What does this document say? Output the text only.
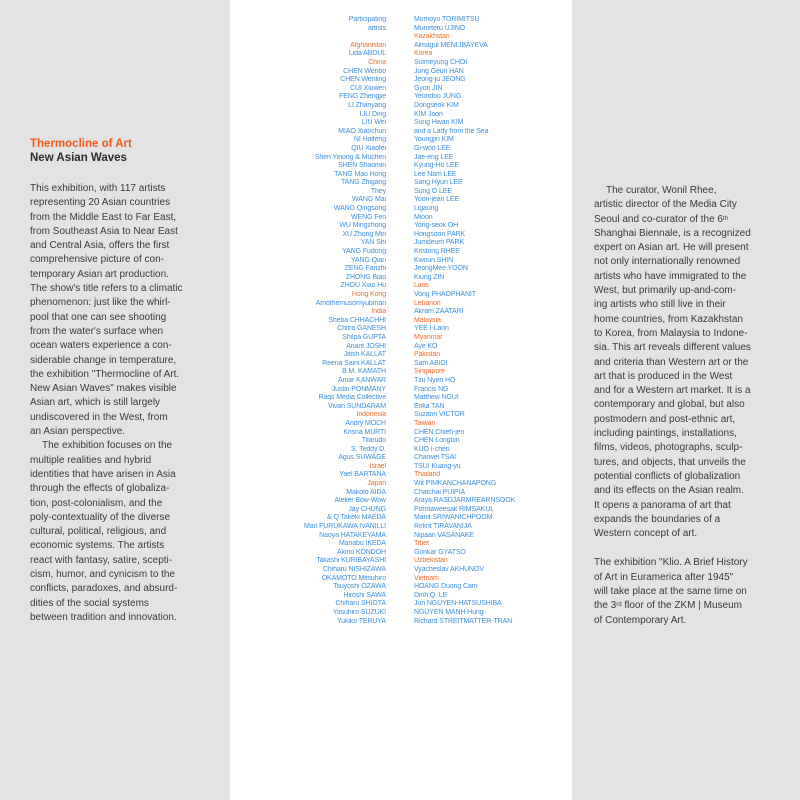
Participating
artists
Afghanistan
Lida ABDUL
China
CHEN Wenbo
CHEN Wenling
CUI Xiuwen
FENG Zhengjie
LI Zhanyang
LIU Ding
LIU Wei
MIAO Xiaochun
NI Haifeng
QIU Xiaofei
Shen Yinong & Muchen
SHEN Shaomin
TANG Mao Hong
TANG Zhigang
They
WANG Mai
WANG Qingsong
WENG Fen
WU Mingzhong
XU Zhong Min
YAN Shi
YANG Fudong
YANG Qian
ZENG Fanzhi
ZHONG Biao
ZHOU Xiao Hu
Hong Kong
Amothemusomyubman
India
Sheba CHHACHHI
Chitra GANESH
Shilpa GUPTA
Anant JOSHI
Jitish KALLAT
Reena Saini KALLAT
B.M. KAMATH
Amar KANWAR
Justin PONMANY
Raqs Media Collective
Vivan SUNDARAM
Indonesia
Andry MOCH
Krisna MURTI
Tilarudo
S. Teddy D.
Agus SUWAGE
Israel
Yael BARTANA
Japan
Makoto AIDA
Atelier Bow-Wow
Jay CHUNG
& Q Takeki MAEDA
Mari FURUKAWA IVANILLI
Naoya HATAKEYAMA
Manabu IKEDA
Akino KONDOH
Takashi KURIBAYASHI
Chiharu NISHIZAWA
OKAMOTO Mitsuhiro
Tsuyoshi OZAWA
Hiroshi SAWA
Chiharu SHIOTA
Yasuhiro SUZUKI
Yukiko TERUYA
Momoyo TORIMITSU
Muneteru UJINO
Kazakhstan
Almagul MENLIBAYEVA
Korea
Suimeyung CHOI
Jong Geun HAN
Jeong-ju JEONG
Gyon JIN
Yeondoo JUNG
Dongseok KIM
KIM Joon
Sung Hwan KIM
and a Lady from the Sea
Youngjin KIM
Gi-woo LEE
Jae-eng LEE
Kyung-Ho LEE
Lee Nam LEE
Sang Hyun LEE
Sung O LEE
Yoon-jean LEE
Ligaung
Mioon
Yong-seok OH
Hongsoon PARK
Jumdeum PARK
Kristong RHEE
Kwoun SHIN
JeongMee YOON
Kiung ZIN
Laos
Vong PHAOPHANIT
Lebanon
Akram ZAATARI
Malaysia
YEE I-Lann
Myanmar
Aye KO
Pakistan
Sam ABIDI
Singapore
Tzu Nyen HO
Francis NG
Matthew NGUI
Erika TAN
Suzann VICTOR
Taiwan
CHEN Chieh-jen
CHEN Longbin
KUO I-chen
Charwei TSAI
TSUI Kuang-yu
Thailand
Wit PIMKANCHANAPONG
Chatchai PUIPIA
Araya RASDJARMREARNSOOK
Porntaweesak RIMSAKUL
Manit SRIWANICHPOOM
Rirkrit TIRAVANIJA
Nipaan VASANAKE
Tibet
Gonkar GYATSO
Uzbekistan
Vyacheslav AKHUNOV
Vietnam
HOANG Duong Cam
Dinh Q. LÊ
Jun NGUYEN-HATSUSHIBA
NGUYEN MANH Hung
Richard STREITMATTER-TRAN
Thermocline of Art
New Asian Waves
This exhibition, with 117 artists
representing 20 Asian countries
from the Middle East to Far East,
from Southeast Asia to Near East
and Central Asia, offers the first
comprehensive picture of con-
temporary Asian art production.
The show's title refers to a climatic
phenomenon: just like the whirl-
pool that one can see shooting
from the water's surface when
ocean waters experience a con-
siderable change in temperature,
the exhibition "Thermocline of Art.
New Asian Waves" makes visible
Asian art, which is still largely
undiscovered in the West, from
an Asian perspective.
The exhibition focuses on the
multiple realities and hybrid
identities that have arisen in Asia
through the effects of globaliza-
tion, post-colonialism, and the
poly-contextuality of the diverse
cultural, political, religious, and
economic systems. The artists
react with fantasy, satire, scepti-
cism, humor, and cynicism to the
conflicts, paradoxes, and absurd-
dities of the social systems
between tradition and innovation.
The curator, Wonil Rhee,
artistic director of the Media City
Seoul and co-curator of the 6th
Shanghai Biennale, is a recognized
expert on Asian art. He will present
not only internationally renowned
artists who have immigrated to the
West, but primarily up-and-com-
ing artists who still live in their
home countries, from Kazakhstan
to Korea, from Malaysia to Indone-
sia. This art reveals different values
and criteria than Western art or the
art that is produced in the West
and for a Western art market. It is a
contemporary and global, but also
postmodern and post-ethnic art,
including paintings, installations,
films, videos, photographs, sculp-
tures, and objects, that unveils the
potential conflicts of globalization
and its effects on the Asian realm.
It opens a panorama of art that
expands the boundaries of a
Western concept of art.
The exhibition "Klio. A Brief History
of Art in Euramerica after 1945"
will take place at the same time on
the 3rd floor of the ZKM | Museum
of Contemporary Art.
